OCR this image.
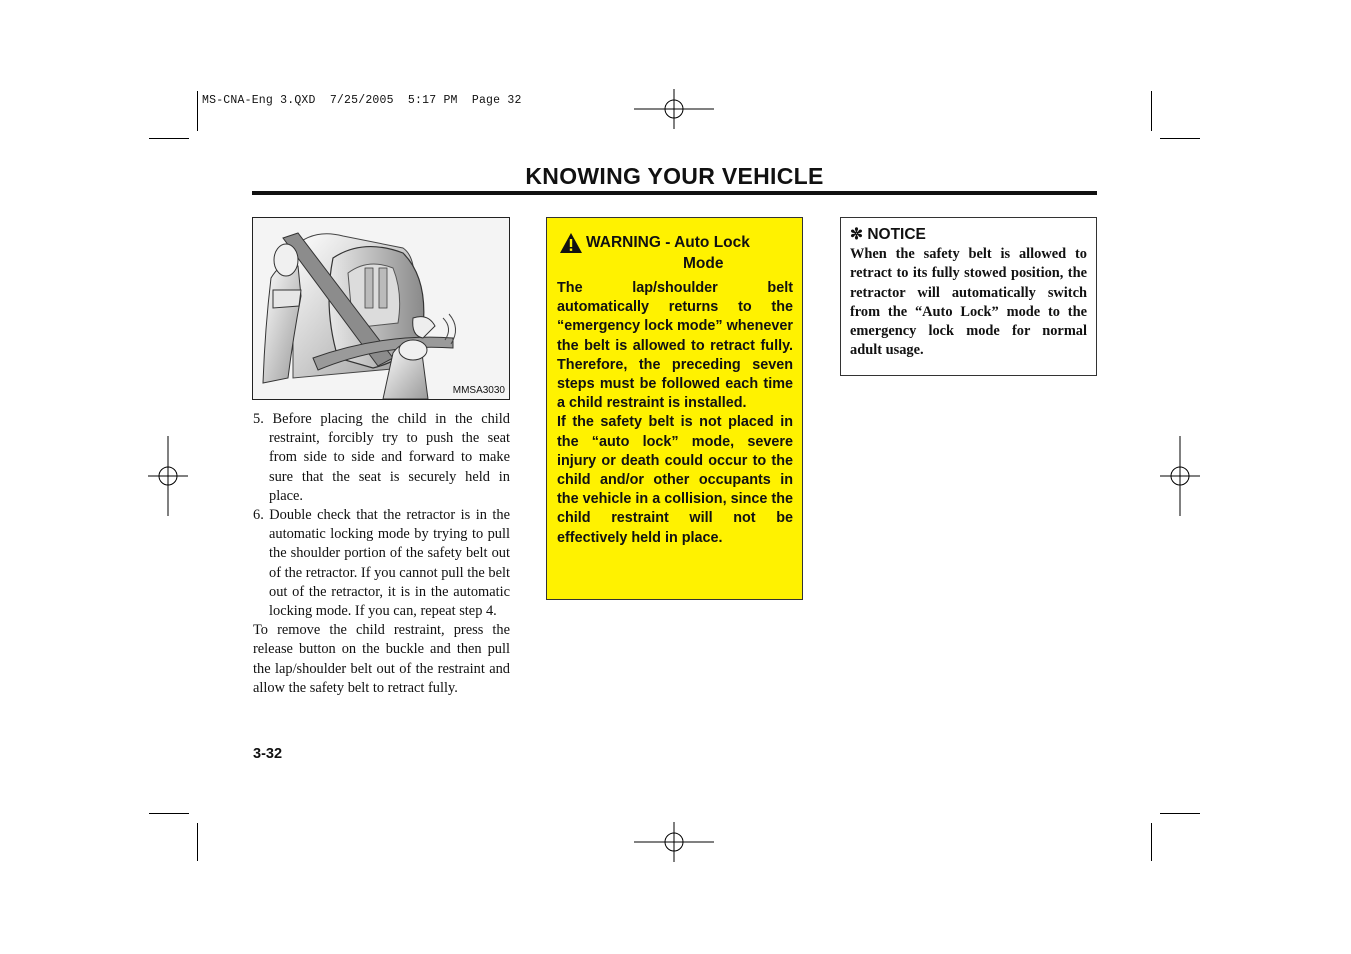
MS-CNA-Eng 3.QXD  7/25/2005  5:17 PM  Page 32
KNOWING YOUR VEHICLE
MMSA3030
5. Before placing the child in the child restraint, forcibly try to push the seat from side to side and forward to make sure that the seat is securely held in place.
6. Double check that the retractor is in the automatic locking mode by trying to pull the shoulder portion of the safety belt out of the retractor. If you cannot pull the belt out of the retractor, it is in the automatic locking mode. If you can, repeat step 4.
To remove the child restraint, press the release button on the buckle and then pull the lap/shoulder belt out of the restraint and allow the safety belt to retract fully.
3-32
WARNING - Auto Lock
Mode
The lap/shoulder belt automatically returns to the “emergency lock mode” whenever the belt is allowed to retract fully. Therefore, the preceding seven steps must be followed each time a child restraint is installed.
If the safety belt is not placed in the “auto lock” mode, severe injury or death could occur to the child and/or other occupants in the vehicle in a collision, since the child restraint will not be effectively held in place.
✼ NOTICE
When the safety belt is allowed to retract to its fully stowed position, the retractor will automatically switch from the “Auto Lock” mode to the emergency lock mode for normal adult usage.
